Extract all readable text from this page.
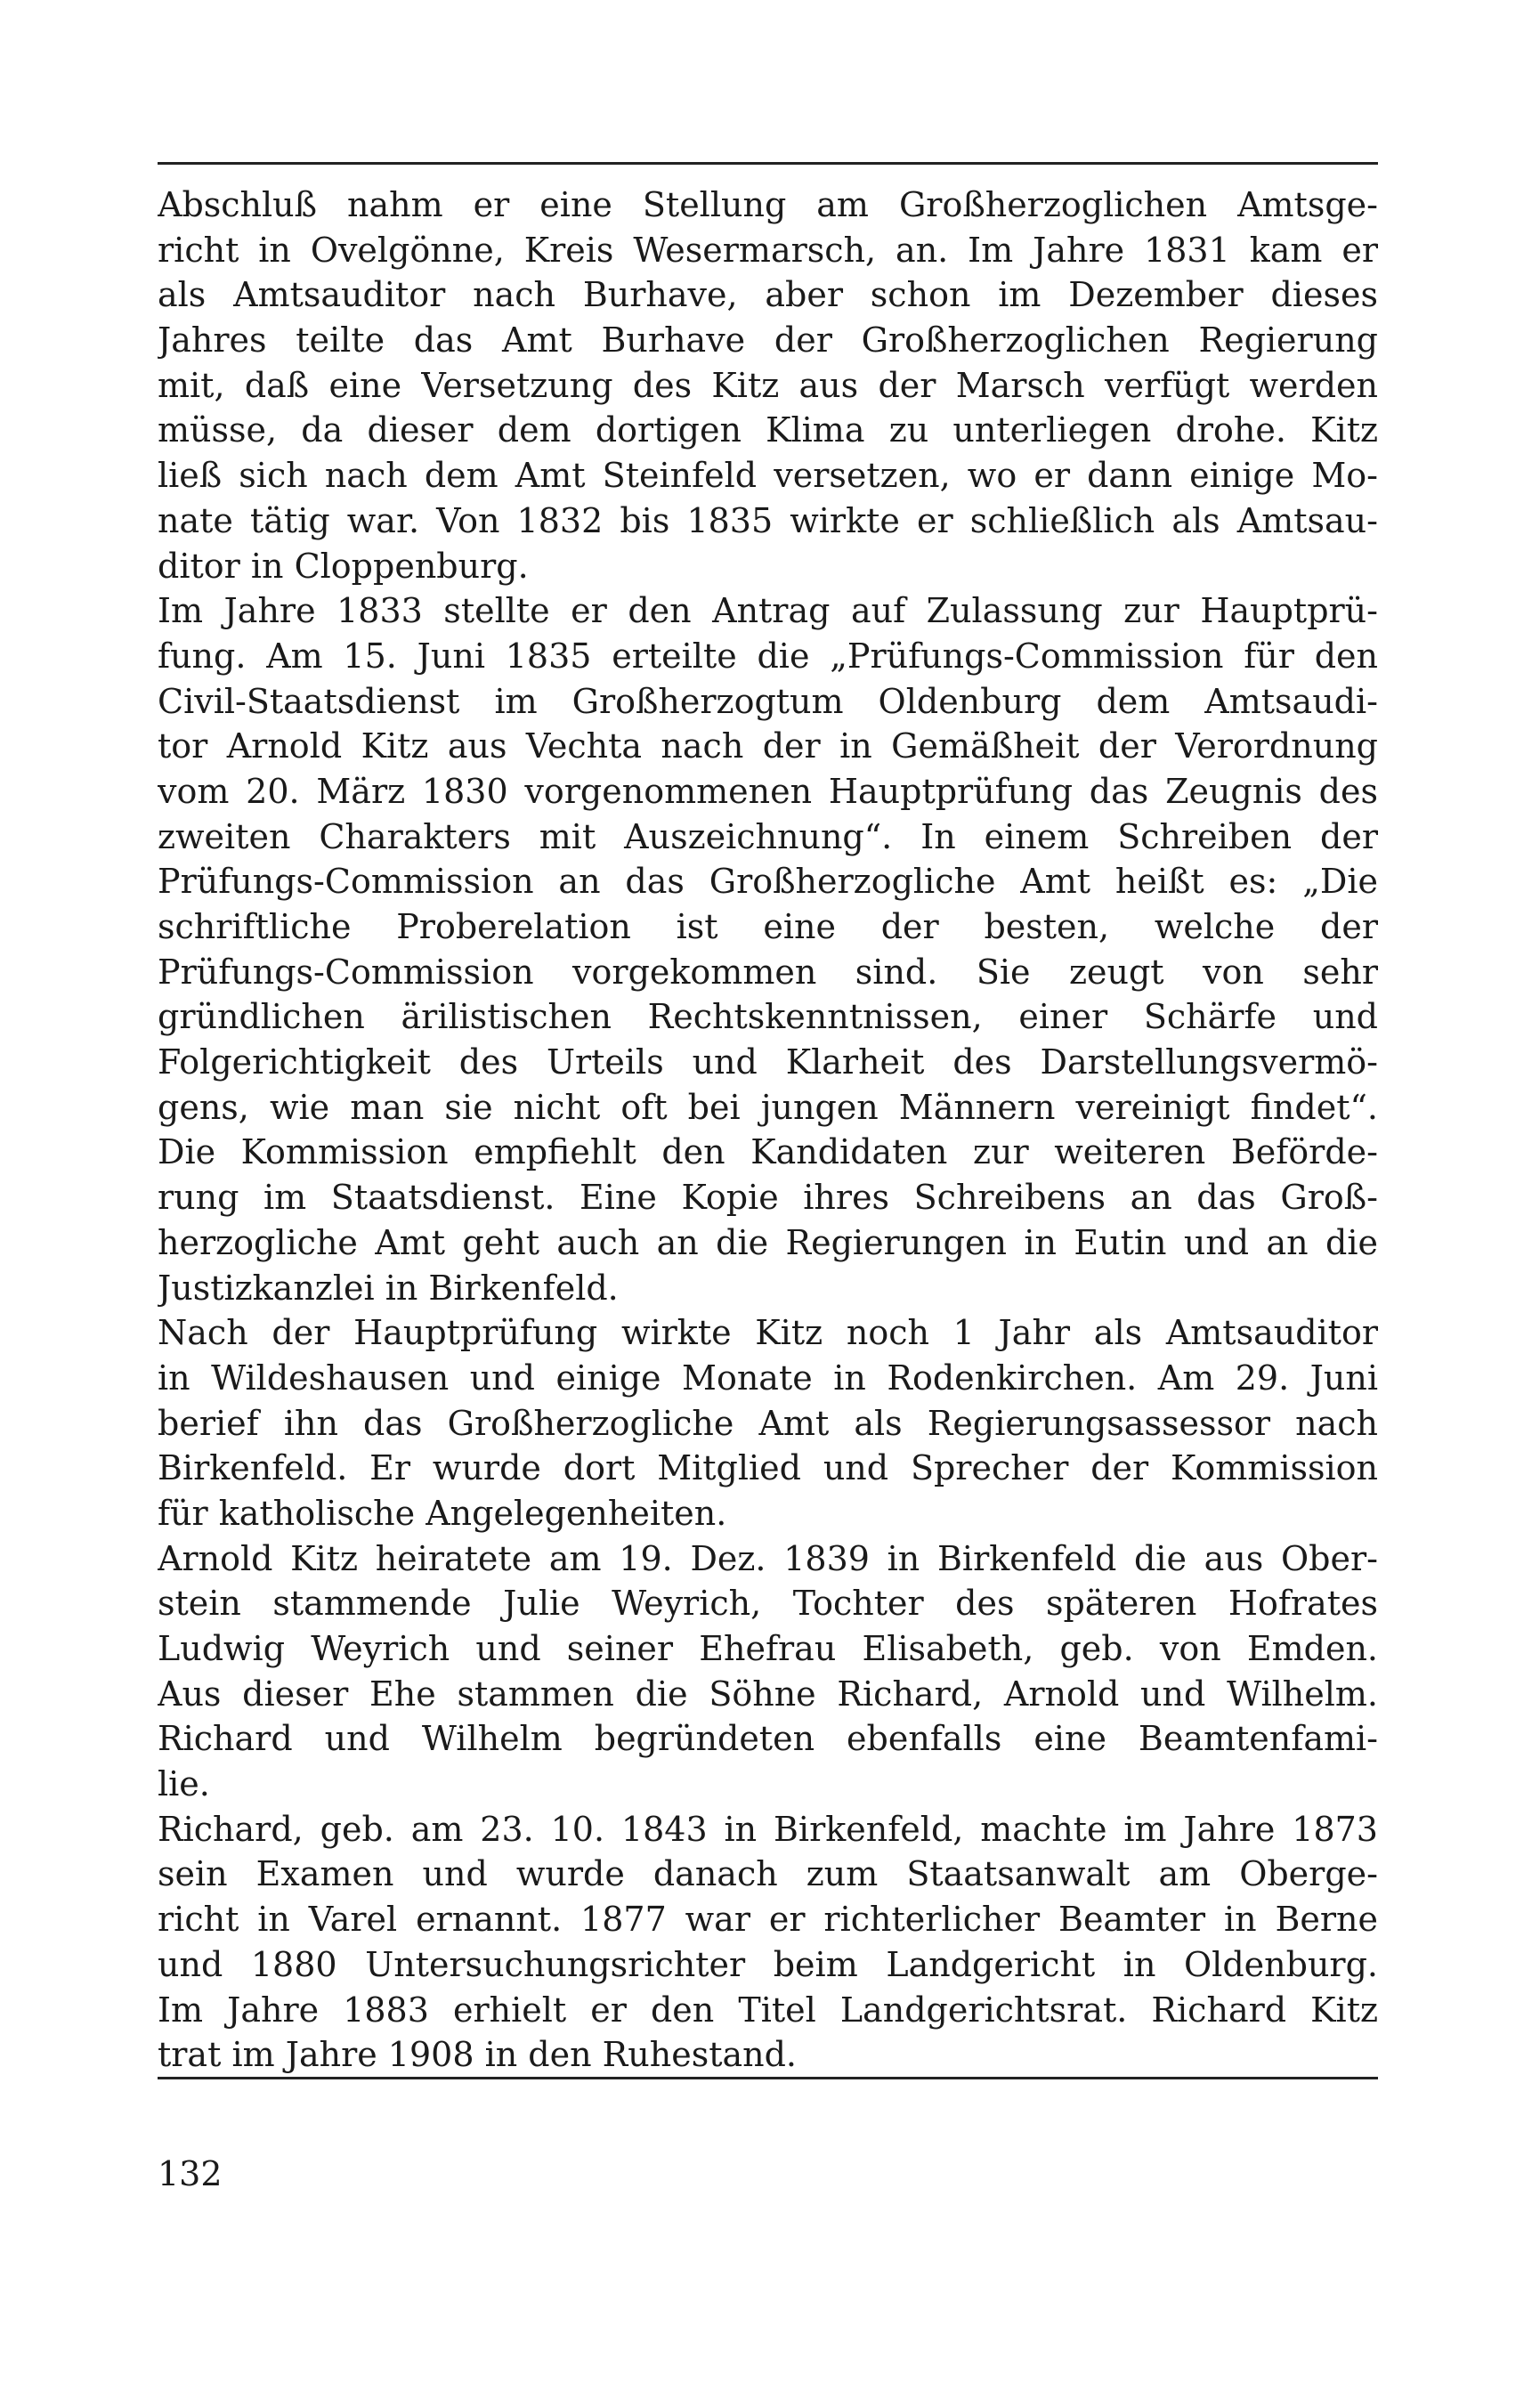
Abschluß nahm er eine Stellung am Großherzoglichen Amtsge-
richt in Ovelgönne, Kreis Wesermarsch, an. Im Jahre 1831 kam er
als Amtsauditor nach Burhave, aber schon im Dezember dieses
Jahres teilte das Amt Burhave der Großherzoglichen Regierung
mit, daß eine Versetzung des Kitz aus der Marsch verfügt werden
müsse, da dieser dem dortigen Klima zu unterliegen drohe. Kitz
ließ sich nach dem Amt Steinfeld versetzen, wo er dann einige Mo-
nate tätig war. Von 1832 bis 1835 wirkte er schließlich als Amtsau-
ditor in Cloppenburg.
Im Jahre 1833 stellte er den Antrag auf Zulassung zur Hauptprü-
fung. Am 15. Juni 1835 erteilte die „Prüfungs-Commission für den
Civil-Staatsdienst im Großherzogtum Oldenburg dem Amtsaudi-
tor Arnold Kitz aus Vechta nach der in Gemäßheit der Verordnung
vom 20. März 1830 vorgenommenen Hauptprüfung das Zeugnis des
zweiten Charakters mit Auszeichnung“. In einem Schreiben der
Prüfungs-Commission an das Großherzogliche Amt heißt es: „Die
schriftliche Proberelation ist eine der besten, welche der
Prüfungs-Commission vorgekommen sind. Sie zeugt von sehr
gründlichen ärilistischen Rechtskenntnissen, einer Schärfe und
Folgerichtigkeit des Urteils und Klarheit des Darstellungsvermö-
gens, wie man sie nicht oft bei jungen Männern vereinigt findet“.
Die Kommission empfiehlt den Kandidaten zur weiteren Beförde-
rung im Staatsdienst. Eine Kopie ihres Schreibens an das Groß-
herzogliche Amt geht auch an die Regierungen in Eutin und an die
Justizkanzlei in Birkenfeld.
Nach der Hauptprüfung wirkte Kitz noch 1 Jahr als Amtsauditor
in Wildeshausen und einige Monate in Rodenkirchen. Am 29. Juni
berief ihn das Großherzogliche Amt als Regierungsassessor nach
Birkenfeld. Er wurde dort Mitglied und Sprecher der Kommission
für katholische Angelegenheiten.
Arnold Kitz heiratete am 19. Dez. 1839 in Birkenfeld die aus Ober-
stein stammende Julie Weyrich, Tochter des späteren Hofrates
Ludwig Weyrich und seiner Ehefrau Elisabeth, geb. von Emden.
Aus dieser Ehe stammen die Söhne Richard, Arnold und Wilhelm.
Richard und Wilhelm begründeten ebenfalls eine Beamtenfami-
lie.
Richard, geb. am 23. 10. 1843 in Birkenfeld, machte im Jahre 1873
sein Examen und wurde danach zum Staatsanwalt am Oberge-
richt in Varel ernannt. 1877 war er richterlicher Beamter in Berne
und 1880 Untersuchungsrichter beim Landgericht in Oldenburg.
Im Jahre 1883 erhielt er den Titel Landgerichtsrat. Richard Kitz
trat im Jahre 1908 in den Ruhestand.
132
